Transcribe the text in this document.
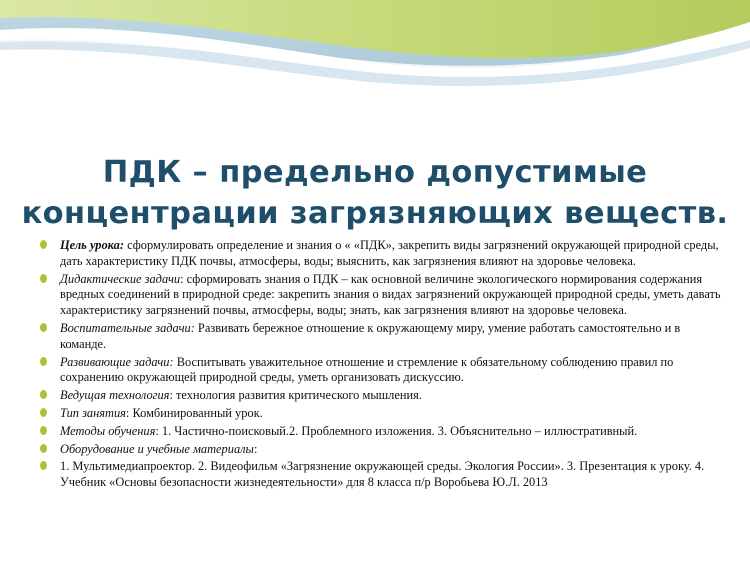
ПДК – предельно допустимые
концентрации загрязняющих веществ.
Цель урока: сформулировать определение и знания о « «ПДК», закрепить виды загрязнений окружающей природной среды, дать характеристику ПДК почвы, атмосферы, воды; выяснить, как загрязнения влияют на здоровье человека.
Дидактические задачи: сформировать знания о ПДК – как основной величине экологического нормирования содержания вредных соединений в природной среде: закрепить знания о видах загрязнений окружающей природной среды, уметь давать характеристику загрязнений почвы, атмосферы, воды; знать, как загрязнения влияют на здоровье человека.
Воспитательные задачи: Развивать бережное отношение к окружающему миру, умение работать самостоятельно и в команде.
Развивающие задачи: Воспитывать уважительное отношение и стремление к обязательному соблюдению правил по сохранению окружающей природной среды, уметь организовать дискуссию.
Ведущая технология: технология развития критического мышления.
Тип занятия: Комбинированный урок.
Методы обучения: 1. Частично-поисковый.2. Проблемного изложения. 3. Объяснительно – иллюстративный.
Оборудование и учебные материалы:
1. Мультимедиапроектор. 2. Видеофильм «Загрязнение окружающей среды. Экология России». 3. Презентация к уроку. 4. Учебник «Основы безопасности жизнедеятельности» для 8 класса п/р Воробьева Ю.Л. 2013
